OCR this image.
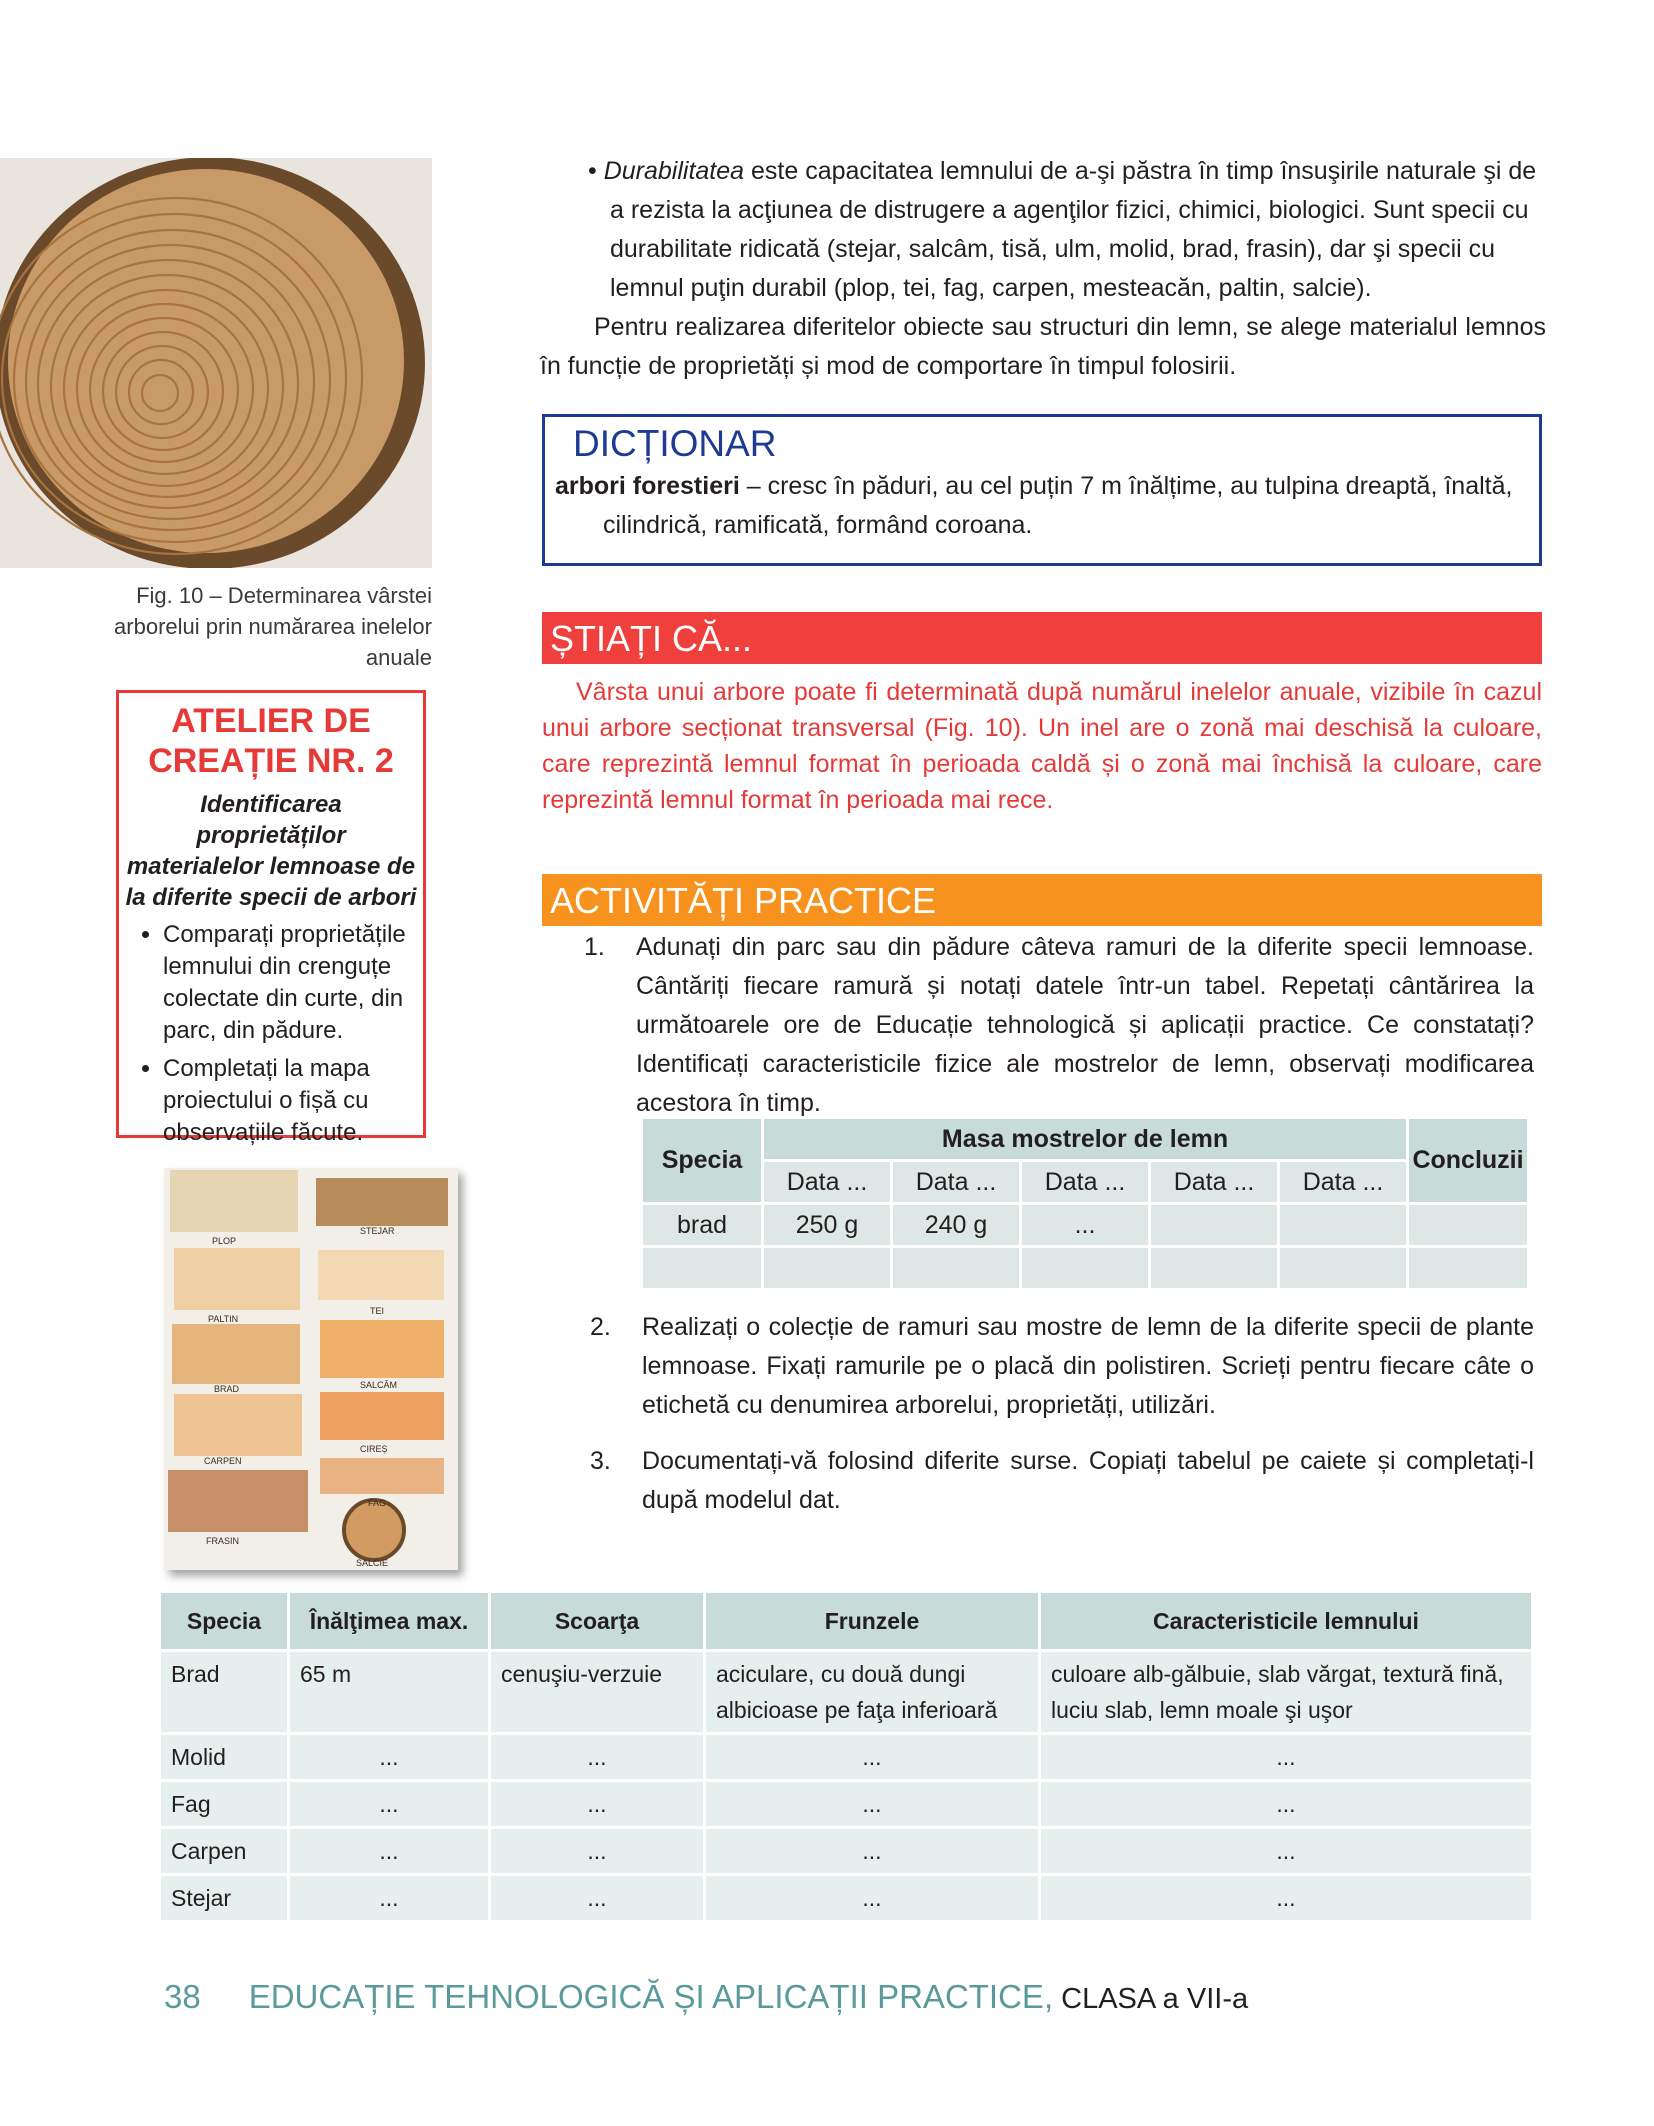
Fig. 10 – Determinarea vârstei arborelui prin numărarea inelelor anuale
ATELIER DE
CREAȚIE NR. 2
Identificarea proprietăților materialelor lemnoase de la diferite specii de arbori
• Comparați proprietățile lemnului din crenguțe colectate din curte, din parc, din pădure.
• Completați la mapa proiectului o fișă cu observațiile făcute.
PLOP
STEJAR
PALTIN
TEI
BRAD	SALCÂM
CIREȘ
CARPEN
FAG
FRASIN
SALCIE
• Durabilitatea este capacitatea lemnului de a-şi păstra în timp însuşirile naturale şi de a rezista la acţiunea de distrugere a agenţilor fizici, chimici, biologici. Sunt specii cu durabilitate ridicată (stejar, salcâm, tisă, ulm, molid, brad, frasin), dar şi specii cu lemnul puţin durabil (plop, tei, fag, carpen, mesteacăn, paltin, salcie).
Pentru realizarea diferitelor obiecte sau structuri din lemn, se alege materialul lemnos în funcție de proprietăți și mod de comportare în timpul folosirii.
DICȚIONAR
arbori forestieri – cresc în păduri, au cel puțin 7 m înălțime, au tulpina dreaptă, înaltă, cilindrică, ramificată, formând coroana.
ȘTIAȚI CĂ...
Vârsta unui arbore poate fi determinată după numărul inelelor anuale, vizibile în cazul unui arbore secționat transversal (Fig. 10). Un inel are o zonă mai deschisă la culoare, care reprezintă lemnul format în perioada caldă și o zonă mai închisă la culoare, care reprezintă lemnul format în perioada mai rece.
ACTIVITĂȚI PRACTICE
1. Adunați din parc sau din pădure câteva ramuri de la diferite specii lemnoase. Cântăriți fiecare ramură și notați datele într-un tabel. Repetați cântărirea la următoarele ore de Educație tehnologică și aplicații practice. Ce constatați? Identificați caracteristicile fizice ale mostrelor de lemn, observați modificarea acestora în timp.
Specia	Masa mostrelor de lemn					Concluzii
	Data ...	Data ...	Data ...	Data ...	Data ...	
brad	250 g	240 g	...			

2. Realizați o colecție de ramuri sau mostre de lemn de la diferite specii de plante lemnoase. Fixați ramurile pe o placă din polistiren. Scrieți pentru fiecare câte o etichetă cu denumirea arborelui, proprietăți, utilizări.
3. Documentați-vă folosind diferite surse. Copiați tabelul pe caiete și completați-l după modelul dat.
Specia	Înălţimea max.	Scoarţa	Frunzele	Caracteristicile lemnului
Brad	65 m	cenuşiu-verzuie	aciculare, cu două dungi albicioase pe faţa inferioară	culoare alb-gălbuie, slab vărgat, textură fină, luciu slab, lemn moale şi uşor
Molid	...	...	...	...
Fag	...	...	...	...
Carpen	...	...	...	...
Stejar	...	...	...	...
38 EDUCAȚIE TEHNOLOGICĂ ȘI APLICAȚII PRACTICE, CLASA a VII-a
